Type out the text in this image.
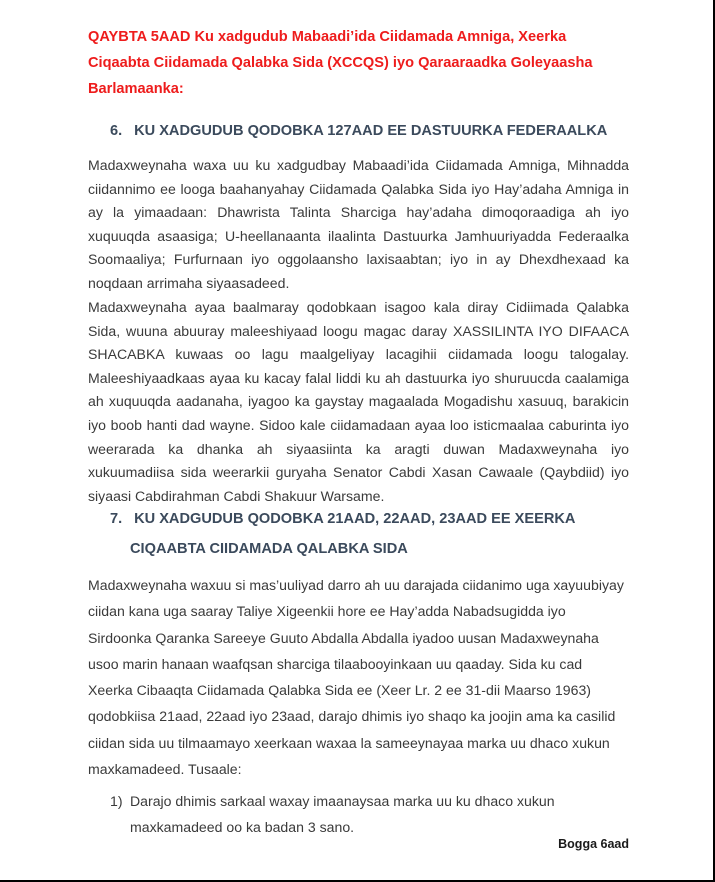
QAYBTA 5AAD Ku xadgudub Mabaadi’ida Ciidamada Amniga, Xeerka Ciqaabta Ciidamada Qalabka Sida (XCCQS) iyo Qaraaraadka Goleyaasha Barlamaanka:
6. KU XADGUDUB QODOBKA 127AAD EE DASTUURKA FEDERAALKA
Madaxweynaha waxa uu ku xadgudbay Mabaadi’ida Ciidamada Amniga, Mihnadda ciidannimo ee looga baahanyahay Ciidamada Qalabka Sida iyo Hay’adaha Amniga in ay la yimaadaan: Dhawrista Talinta Sharciga hay’adaha dimoqoraadiga ah iyo xuquuqda asaasiga; U-heellanaanta ilaalinta Dastuurka Jamhuuriyadda Federaalka Soomaaliya; Furfurnaan iyo oggolaansho laxisaabtan; iyo in ay Dhexdhexaad ka noqdaan arrimaha siyaasadeed.
Madaxweynaha ayaa baalmaray qodobkaan isagoo kala diray Cidiimada Qalabka Sida, wuuna abuuray maleeshiyaad loogu magac daray XASSILINTA IYO DIFAACA SHACABKA kuwaas oo lagu maalgeliyay lacagihii ciidamada loogu talogalay. Maleeshiyaadkaas ayaa ku kacay falal liddi ku ah dastuurka iyo shuruucda caalamiga ah xuquuqda aadanaha, iyagoo ka gaystay magaalada Mogadishu xasuuq, barakicin iyo boob hanti dad wayne. Sidoo kale ciidamadaan ayaa loo isticmaalaa caburinta iyo weerarada ka dhanka ah siyaasiinta ka aragti duwan Madaxweynaha iyo xukuumadiisa sida weerarkii guryaha Senator Cabdi Xasan Cawaale (Qaybdiid) iyo siyaasi Cabdirahman Cabdi Shakuur Warsame.
7. KU XADGUDUB QODOBKA 21AAD, 22AAD, 23AAD EE XEERKA
CIQAABTA CIIDAMADA QALABKA SIDA
Madaxweynaha waxuu si mas’uuliyad darro ah uu darajada ciidanimo uga xayuubiyay ciidan kana uga saaray Taliye Xigeenkii hore ee Hay’adda Nabadsugidda iyo Sirdoonka Qaranka Sareeye Guuto Abdalla Abdalla iyadoo uusan Madaxweynaha usoo marin hanaan waafqsan sharciga tilaabooyinkaan uu qaaday. Sida ku cad Xeerka Cibaaqta Ciidamada Qalabka Sida ee (Xeer Lr. 2 ee 31-dii Maarso 1963) qodobkiisa 21aad, 22aad iyo 23aad, darajo dhimis iyo shaqo ka joojin ama ka casilid ciidan sida uu tilmaamayo xeerkaan waxaa la sameeynayaa marka uu dhaco xukun maxkamadeed. Tusaale:
1) Darajo dhimis sarkaal waxay imaanaysaa marka uu ku dhaco xukun maxkamadeed oo ka badan 3 sano.
Bogga 6aad
